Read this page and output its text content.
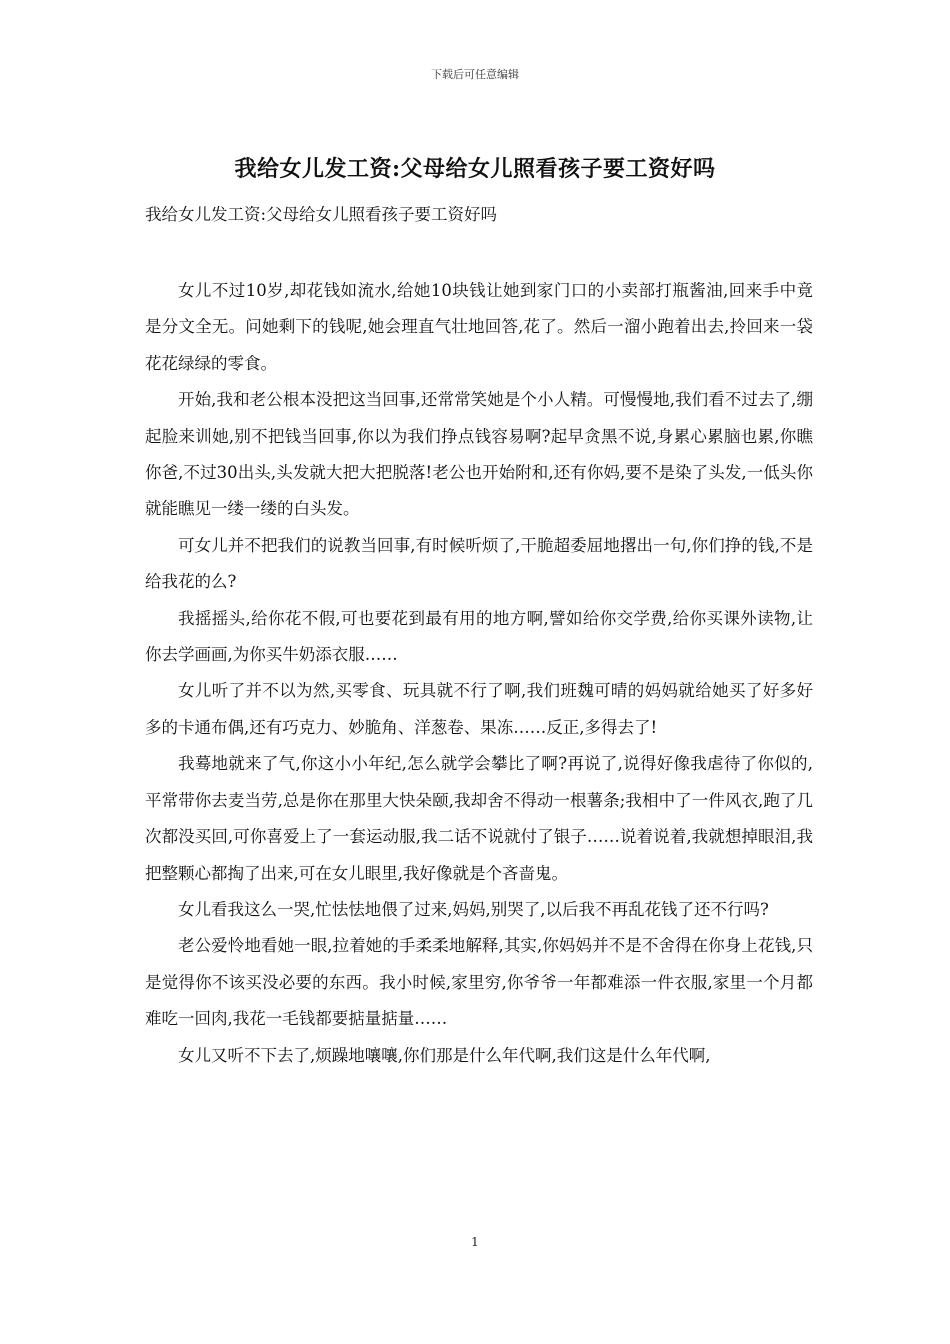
下载后可任意编辑
我给女儿发工资:父母给女儿照看孩子要工资好吗

我给女儿发工资:父母给女儿照看孩子要工资好吗

女儿不过10岁,却花钱如流水,给她10块钱让她到家门口的小卖部打瓶酱油,回来手中竟是分文全无。问她剩下的钱呢,她会理直气壮地回答,花了。然后一溜小跑着出去,拎回来一袋花花绿绿的零食。

开始,我和老公根本没把这当回事,还常常笑她是个小人精。可慢慢地,我们看不过去了,绷起脸来训她,别不把钱当回事,你以为我们挣点钱容易啊?起早贪黑不说,身累心累脑也累,你瞧你爸,不过30出头,头发就大把大把脱落!老公也开始附和,还有你妈,要不是染了头发,一低头你就能瞧见一缕一缕的白头发。

可女儿并不把我们的说教当回事,有时候听烦了,干脆超委屈地撂出一句,你们挣的钱,不是给我花的么?

我摇摇头,给你花不假,可也要花到最有用的地方啊,譬如给你交学费,给你买课外读物,让你去学画画,为你买牛奶添衣服……

女儿听了并不以为然,买零食、玩具就不行了啊,我们班魏可晴的妈妈就给她买了好多好多的卡通布偶,还有巧克力、妙脆角、洋葱卷、果冻……反正,多得去了!

我蓦地就来了气,你这小小年纪,怎么就学会攀比了啊?再说了,说得好像我虐待了你似的,平常带你去麦当劳,总是你在那里大快朵颐,我却舍不得动一根薯条;我相中了一件风衣,跑了几次都没买回,可你喜爱上了一套运动服,我二话不说就付了银子……说着说着,我就想掉眼泪,我把整颗心都掏了出来,可在女儿眼里,我好像就是个吝啬鬼。

女儿看我这么一哭,忙怯怯地偎了过来,妈妈,别哭了,以后我不再乱花钱了还不行吗?

老公爱怜地看她一眼,拉着她的手柔柔地解释,其实,你妈妈并不是不舍得在你身上花钱,只是觉得你不该买没必要的东西。我小时候,家里穷,你爷爷一年都难添一件衣服,家里一个月都难吃一回肉,我花一毛钱都要掂量掂量……

女儿又听不下去了,烦躁地嚷嚷,你们那是什么年代啊,我们这是什么年代啊,

1
